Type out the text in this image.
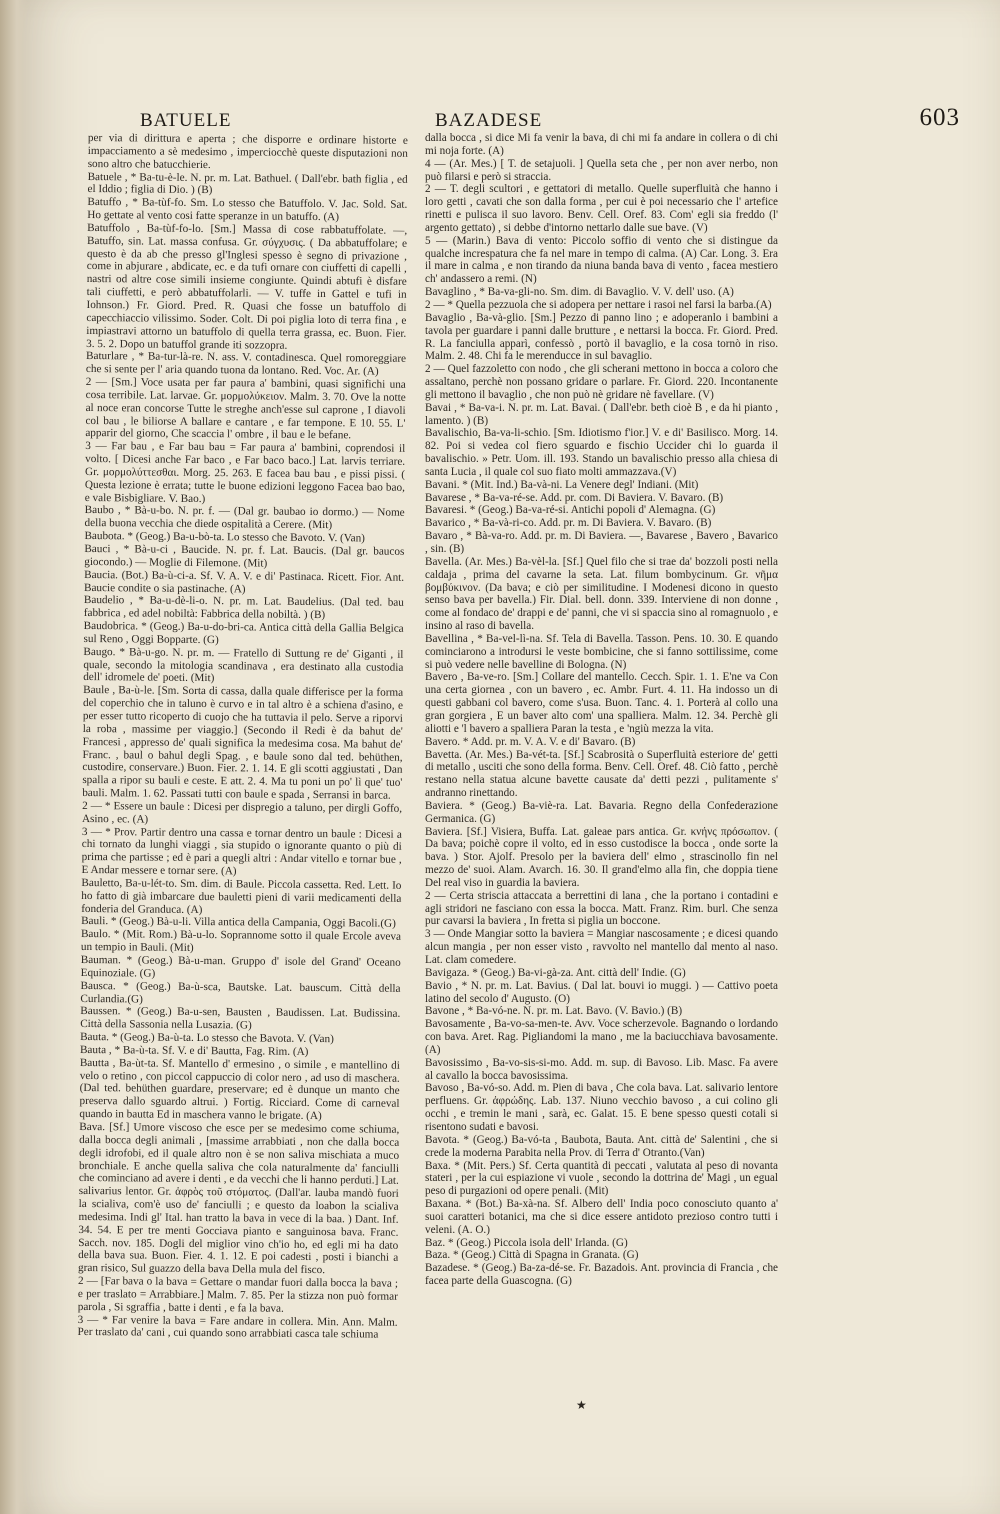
BATUELE	BAZADESE	603

per via di dirittura e aperta ; che disporre e ordinare historte e impacciamento a sè medesimo , imperciocchè queste disputazioni non sono altro che batucchierie.

Batuele , * Ba-tu-è-le. N. pr. m. Lat. Bathuel. ( Dall'ebr. bath figlia , ed el Iddio ; figlia di Dio. ) (B)

Batuffo , * Ba-tùf-fo. Sm. Lo stesso che Batuffolo. V. Jac. Sold. Sat. Ho gettate al vento cosi fatte speranze in un batuffo. (A)

Batuffolo , Ba-tùf-fo-lo. [Sm.] Massa di cose rabbatuffolate. —, Batuffo, sin. Lat. massa confusa. Gr. σύγχυσις. ( Da abbatuffolare; e questo è da ab che presso gl'Inglesi spesso è segno di privazione , come in abjurare , abdicate, ec. e da tufi ornare con ciuffetti di capelli , nastri od altre cose simili insieme congiunte. Quindi abtufi è disfare tali ciuffetti, e però abbatuffolarli. — V. tuffe in Gattel e tufi in Iohnson.) Fr. Giord. Pred. R. Quasi che fosse un batuffolo di capecchiaccio vilissimo. Soder. Colt. Di poi piglia loto di terra fina , e impiastravi attorno un batuffolo di quella terra grassa, ec. Buon. Fier. 3. 5. 2. Dopo un batuffol grande iti sozzopra.

Baturlare , * Ba-tur-là-re. N. ass. V. contadinesca. Quel romoreggiare che si sente per l' aria quando tuona da lontano. Red. Voc. Ar. (A)

2 — [Sm.] Voce usata per far paura a' bambini, quasi significhi una cosa terribile. Lat. larvae. Gr. μορμολύκειον. Malm. 3. 70. Ove la notte al noce eran concorse Tutte le streghe anch'esse sul caprone , I diavoli col bau , le biliorse A ballare e cantare , e far tempone. E 10. 55. L' apparir del giorno, Che scaccia l' ombre , il bau e le befane.

3 — Far bau , e Far bau bau = Far paura a' bambini, coprendosi il volto. [ Dicesi anche Far baco , e Far baco baco.] Lat. larvis terriare. Gr. μορμολύττεσθαι. Morg. 25. 263. E facea bau bau , e pissi pissi. ( Questa lezione è errata; tutte le buone edizioni leggono Facea bao bao, e vale Bisbigliare. V. Bao.)

Baubo , * Bà-u-bo. N. pr. f. — (Dal gr. baubao io dormo.) — Nome della buona vecchia che diede ospitalità a Cerere. (Mit)

Baubota. * (Geog.) Ba-u-bò-ta. Lo stesso che Bavoto. V. (Van)

Bauci , * Bà-u-ci , Baucide. N. pr. f. Lat. Baucis. (Dal gr. baucos giocondo.) — Moglie di Filemone. (Mit)

Baucia. (Bot.) Ba-ù-ci-a. Sf. V. A. V. e di' Pastinaca. Ricett. Fior. Ant. Baucie condite o sia pastinache. (A)

Baudelio , * Ba-u-dè-li-o. N. pr. m. Lat. Baudelius. (Dal ted. bau fabbrica , ed adel nobiltà: Fabbrica della nobiltà. ) (B)

Baudobrica. * (Geog.) Ba-u-do-bri-ca. Antica città della Gallia Belgica sul Reno , Oggi Bopparte. (G)

Baugo. * Bà-u-go. N. pr. m. — Fratello di Suttung re de' Giganti , il quale, secondo la mitologia scandinava , era destinato alla custodia dell' idromele de' poeti. (Mit)

Baule , Ba-ù-le. [Sm. Sorta di cassa, dalla quale differisce per la forma del coperchio che in taluno è curvo e in tal altro è a schiena d'asino, e per esser tutto ricoperto di cuojo che ha tuttavia il pelo. Serve a riporvi la roba , massime per viaggio.] (Secondo il Redi è da bahut de' Francesi , appresso de' quali significa la medesima cosa. Ma bahut de' Franc. , baul o bahul degli Spag. , e baule sono dal ted. behüthen, custodire, conservare.) Buon. Fier. 2. 1. 14. E gli scotti aggiustati , Dan spalla a ripor su bauli e ceste. E att. 2. 4. Ma tu poni un po' lì que' tuo' bauli. Malm. 1. 62. Passati tutti con baule e spada , Serransi in barca.

2 — * Essere un baule : Dicesi per dispregio a taluno, per dirgli Goffo, Asino , ec. (A)

3 — * Prov. Partir dentro una cassa e tornar dentro un baule : Dicesi a chi tornato da lunghi viaggi , sia stupido o ignorante quanto o più di prima che partisse ; ed è pari a quegli altri : Andar vitello e tornar bue , E Andar messere e tornar sere. (A)

Bauletto, Ba-u-lét-to. Sm. dim. di Baule. Piccola cassetta. Red. Lett. Io ho fatto di già imbarcare due bauletti pieni di varii medicamenti della fonderia del Granduca. (A)

Bauli. * (Geog.) Bà-u-li. Villa antica della Campania, Oggi Bacoli.(G)

Baulo. * (Mit. Rom.) Bà-u-lo. Soprannome sotto il quale Ercole aveva un tempio in Bauli. (Mit)

Bauman. * (Geog.) Bà-u-man. Gruppo d' isole del Grand' Oceano Equinoziale. (G)

Bausca. * (Geog.) Ba-ù-sca, Bautske. Lat. bauscum. Città della Curlandia.(G)

Baussen. * (Geog.) Ba-u-sen, Bausten , Baudissen. Lat. Budissina. Città della Sassonia nella Lusazia. (G)

Bauta. * (Geog.) Ba-ù-ta. Lo stesso che Bavota. V. (Van)

Bauta , * Ba-ù-ta. Sf. V. e di' Bautta, Fag. Rim. (A)

Bautta , Ba-ùt-ta. Sf. Mantello d' ermesino , o simile , e mantellino di velo o retino , con piccol cappuccio di color nero , ad uso di maschera. (Dal ted. behüthen guardare, preservare; ed è dunque un manto che preserva dallo sguardo altrui. ) Fortig. Ricciard. Come di carneval quando in bautta Ed in maschera vanno le brigate. (A)

Bava. [Sf.] Umore viscoso che esce per se medesimo come schiuma, dalla bocca degli animali , [massime arrabbiati , non che dalla bocca degli idrofobi, ed il quale altro non è se non saliva mischiata a muco bronchiale. E anche quella saliva che cola naturalmente da' fanciulli che cominciano ad avere i denti , e da vecchi che li hanno perduti.] Lat. salivarius lentor. Gr. ἀφρὸς τοῦ στόματος. (Dall'ar. lauba mandò fuori la scialiva, com'è uso de' fanciulli ; e questo da loabon la scialiva medesima. Indi gl' Ital. han tratto la bava in vece di la baa. ) Dant. Inf. 34. 54. E per tre menti Gocciava pianto e sanguinosa bava. Franc. Sacch. nov. 185. Dogli del miglior vino ch'io ho, ed egli mi ha dato della bava sua. Buon. Fier. 4. 1. 12. E poi cadesti , posti i bianchi a gran risico, Sul guazzo della bava Della mula del fisco.

2 — [Far bava o la bava = Gettare o mandar fuori dalla bocca la bava ; e per traslato = Arrabbiare.] Malm. 7. 85. Per la stizza non può formar parola , Si sgraffia , batte i denti , e fa la bava.

3 — * Far venire la bava = Fare andare in collera. Min. Ann. Malm. Per traslato da' cani , cui quando sono arrabbiati casca tale schiuma

dalla bocca , si dice Mi fa venir la bava, di chi mi fa andare in collera o di chi mi noja forte. (A)

4 — (Ar. Mes.) [ T. de setajuoli. ] Quella seta che , per non aver nerbo, non può filarsi e però si straccia.

2 — T. degli scultori , e gettatori di metallo. Quelle superfluità che hanno i loro getti , cavati che son dalla forma , per cui è poi necessario che l' artefice rinetti e pulisca il suo lavoro. Benv. Cell. Oref. 83. Com' egli sia freddo (l' argento gettato) , si debbe d'intorno nettarlo dalle sue bave. (V)

5 — (Marin.) Bava di vento: Piccolo soffio di vento che si distingue da qualche increspatura che fa nel mare in tempo di calma. (A) Car. Long. 3. Era il mare in calma , e non tirando da niuna banda bava di vento , facea mestiero ch' andassero a remi. (N)

Bavaglino , * Ba-va-gli-no. Sm. dim. di Bavaglio. V. V. dell' uso. (A)

2 — * Quella pezzuola che si adopera per nettare i rasoi nel farsi la barba.(A)

Bavaglio , Ba-và-glio. [Sm.] Pezzo di panno lino ; e adoperanlo i bambini a tavola per guardare i panni dalle brutture , e nettarsi la bocca. Fr. Giord. Pred. R. La fanciulla apparì, confessò , portò il bavaglio, e la cosa tornò in riso. Malm. 2. 48. Chi fa le merenducce in sul bavaglio.

2 — Quel fazzoletto con nodo , che gli scherani mettono in bocca a coloro che assaltano, perchè non possano gridare o parlare. Fr. Giord. 220. Incontanente gli mettono il bavaglio , che non può nè gridare nè favellare. (V)

Bavai , * Ba-va-i. N. pr. m. Lat. Bavai. ( Dall'ebr. beth cioè B , e da hi pianto , lamento. ) (B)

Bavalischio, Ba-va-li-schio. [Sm. Idiotismo f'ior.] V. e di' Basilisco. Morg. 14. 82. Poi si vedea col fiero sguardo e fischio Uccider chi lo guarda il bavalischio. » Petr. Uom. ill. 193. Stando un bavalischio presso alla chiesa di santa Lucia , il quale col suo fiato molti ammazzava.(V)

Bavani. * (Mit. Ind.) Ba-và-ni. La Venere degl' Indiani. (Mit)

Bavarese , * Ba-va-ré-se. Add. pr. com. Di Baviera. V. Bavaro. (B)

Bavaresi. * (Geog.) Ba-va-ré-si. Antichi popoli d' Alemagna. (G)

Bavarico , * Ba-và-ri-co. Add. pr. m. Di Baviera. V. Bavaro. (B)

Bavaro , * Bà-va-ro. Add. pr. m. Di Baviera. —, Bavarese , Bavero , Bavarico , sin. (B)

Bavella. (Ar. Mes.) Ba-vèl-la. [Sf.] Quel filo che si trae da' bozzoli posti nella caldaja , prima del cavarne la seta. Lat. filum bombycinum. Gr. νῆμα βομβύκινον. (Da bava; e ciò per similitudine. I Modenesi dicono in questo senso bava per bavella.) Fir. Dial. bell. donn. 339. Interviene di non donne , come al fondaco de' drappi e de' panni, che vi si spaccia sino al romagnuolo , e insino al raso di bavella.

Bavellina , * Ba-vel-lì-na. Sf. Tela di Bavella. Tasson. Pens. 10. 30. E quando cominciarono a introdursi le veste bombicine, che si fanno sottilissime, come si può vedere nelle bavelline di Bologna. (N)

Bavero , Ba-ve-ro. [Sm.] Collare del mantello. Cecch. Spir. 1. 1. E'ne va Con una certa giornea , con un bavero , ec. Ambr. Furt. 4. 11. Ha indosso un di questi gabbani col bavero, come s'usa. Buon. Tanc. 4. 1. Porterà al collo una gran gorgiera , E un baver alto com' una spalliera. Malm. 12. 34. Perchè gli aliotti e 'l bavero a spalliera Paran la testa , e 'ngiù mezza la vita.

Bavero. * Add. pr. m. V. A. V. e di' Bavaro. (B)

Bavetta. (Ar. Mes.) Ba-vét-ta. [Sf.] Scabrosità o Superfluità esteriore de' getti di metallo , usciti che sono della forma. Benv. Cell. Oref. 48. Ciò fatto , perchè restano nella statua alcune bavette causate da' detti pezzi , pulitamente s' andranno rinettando.

Baviera. * (Geog.) Ba-viè-ra. Lat. Bavaria. Regno della Confederazione Germanica. (G)

Baviera. [Sf.] Visiera, Buffa. Lat. galeae pars antica. Gr. κνήνς πρόσωπον. ( Da bava; poichè copre il volto, ed in esso custodisce la bocca , onde sorte la bava. ) Stor. Ajolf. Presolo per la baviera dell' elmo , strascinollo fin nel mezzo de' suoi. Alam. Avarch. 16. 30. Il grand'elmo alla fin, che doppia tiene Del real viso in guardia la baviera.

2 — Certa striscia attaccata a berrettini di lana , che la portano i contadini e agli stridori ne fasciano con essa la bocca. Matt. Franz. Rim. burl. Che senza pur cavarsi la baviera , In fretta si piglia un boccone.

3 — Onde Mangiar sotto la baviera = Mangiar nascosamente ; e dicesi quando alcun mangia , per non esser visto , ravvolto nel mantello dal mento al naso. Lat. clam comedere.

Bavigaza. * (Geog.) Ba-vi-gà-za. Ant. città dell' Indie. (G)

Bavio , * N. pr. m. Lat. Bavius. ( Dal lat. bouvi io muggi. ) — Cattivo poeta latino del secolo d' Augusto. (O)

Bavone , * Ba-vó-ne. N. pr. m. Lat. Bavo. (V. Bavio.) (B)

Bavosamente , Ba-vo-sa-men-te. Avv. Voce scherzevole. Bagnando o lordando con bava. Aret. Rag. Pigliandomi la mano , me la baciucchiava bavosamente. (A)

Bavosissimo , Ba-vo-sis-si-mo. Add. m. sup. di Bavoso. Lib. Masc. Fa avere al cavallo la bocca bavosissima.

Bavoso , Ba-vó-so. Add. m. Pien di bava , Che cola bava. Lat. salivario lentore perfluens. Gr. ἀφρώδης. Lab. 137. Niuno vecchio bavoso , a cui colino gli occhi , e tremin le mani , sarà, ec. Galat. 15. E bene spesso questi cotali si risentono sudati e bavosi.

Bavota. * (Geog.) Ba-vó-ta , Baubota, Bauta. Ant. città de' Salentini , che si crede la moderna Parabita nella Prov. di Terra d' Otranto.(Van)

Baxa. * (Mit. Pers.) Sf. Certa quantità di peccati , valutata al peso di novanta stateri , per la cui espiazione vi vuole , secondo la dottrina de' Magi , un egual peso di purgazioni od opere penali. (Mit)

Baxana. * (Bot.) Ba-xà-na. Sf. Albero dell' India poco conosciuto quanto a' suoi caratteri botanici, ma che si dice essere antidoto prezioso contro tutti i veleni. (A. O.)

Baz. * (Geog.) Piccola isola dell' Irlanda. (G)

Baza. * (Geog.) Città di Spagna in Granata. (G)

Bazadese. * (Geog.) Ba-za-dé-se. Fr. Bazadois. Ant. provincia di Francia , che facea parte della Guascogna. (G)

★
